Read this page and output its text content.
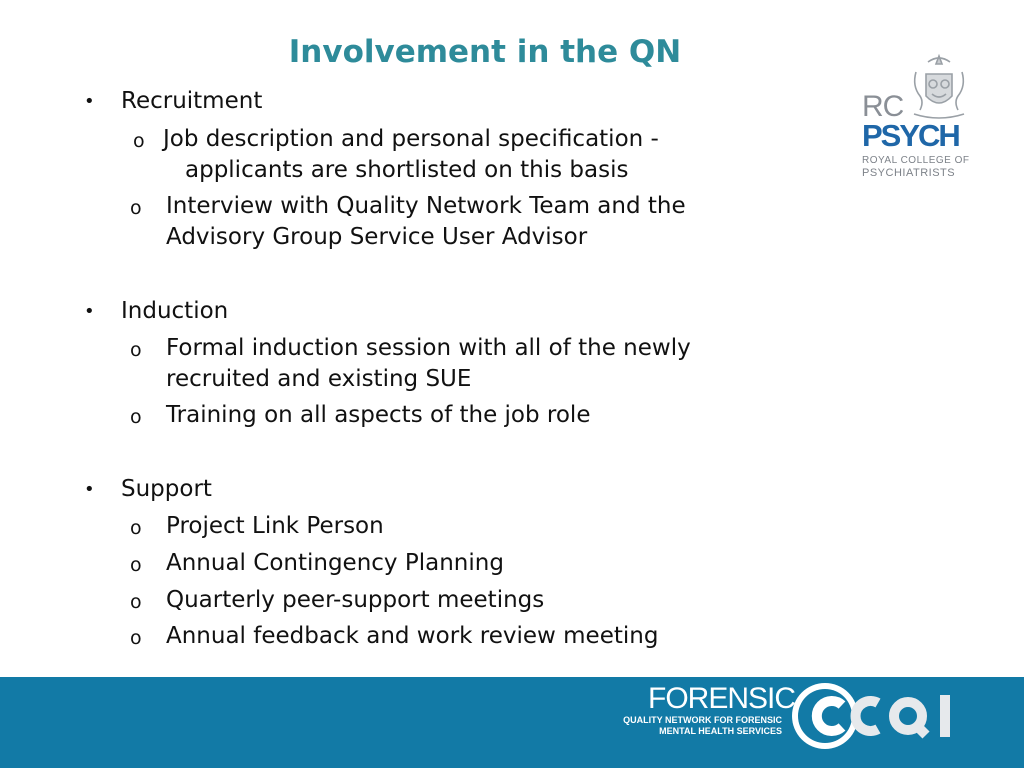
Involvement in the QN
• Recruitment
o Job description and personal specification -
applicants are shortlisted on this basis
o Interview with Quality Network Team and the
Advisory Group Service User Advisor
• Induction
o Formal induction session with all of the newly
recruited and existing SUE
o Training on all aspects of the job role
• Support
o Project Link Person
o Annual Contingency Planning
o Quarterly peer-support meetings
o Annual feedback and work review meeting
RC
PSYCH
ROYAL COLLEGE OF
PSYCHIATRISTS
FORENSIC
QUALITY NETWORK FOR FORENSIC
MENTAL HEALTH SERVICES
